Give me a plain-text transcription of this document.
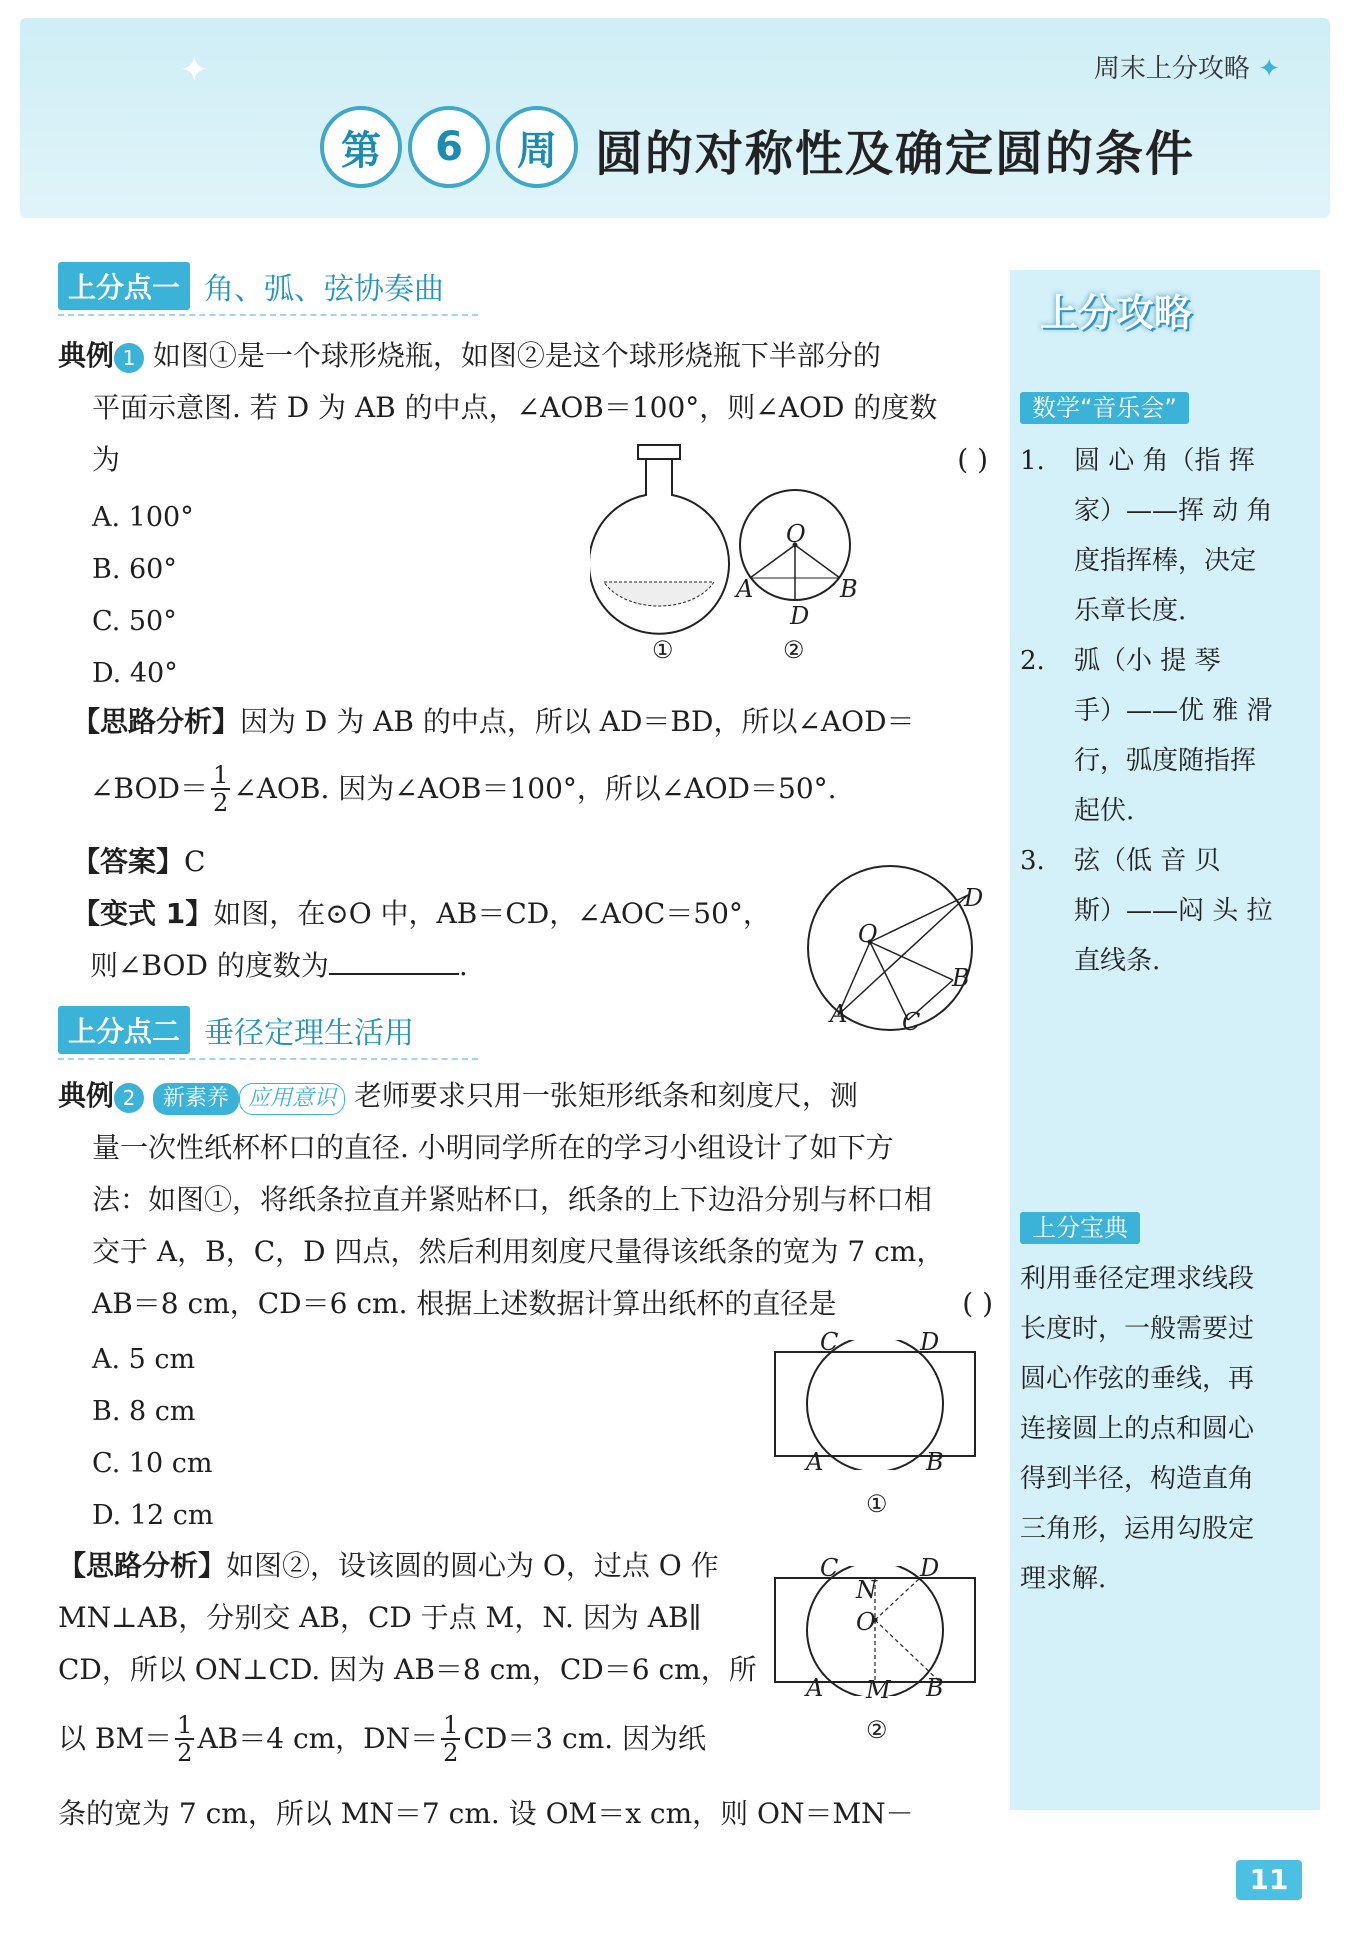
周末上分攻略 ✦
✦
第	6	周 圆的对称性及确定圆的条件
上分点一 角、弧、弦协奏曲
典例 1 如图①是一个球形烧瓶，如图②是这个球形烧瓶下半部分的
平面示意图. 若 D 为 AB 的中点，∠AOB＝100°，则∠AOD 的度数
为	( )
A. 100°
B. 60°
C. 50°
D. 40°
O
A	B
D
①	②
【思路分析】因为 D 为 AB 的中点，所以 AD＝BD，所以∠AOD＝
∠BOD＝ $\frac{1}{2}$ ∠AOB. 因为∠AOB＝100°，所以∠AOD＝50°.
【答案】C
【变式 1】如图，在⊙O 中，AB＝CD，∠AOC＝50°，
则∠BOD 的度数为	.
O
D
B
A C
上分点二 垂径定理生活用
典例 2 新素养 应用意识 老师要求只用一张矩形纸条和刻度尺，测
量一次性纸杯杯口的直径. 小明同学所在的学习小组设计了如下方
法：如图①，将纸条拉直并紧贴杯口，纸条的上下边沿分别与杯口相
交于 A，B，C，D 四点，然后利用刻度尺量得该纸条的宽为 7 cm，
AB＝8 cm，CD＝6 cm. 根据上述数据计算出纸杯的直径是	( )
A. 5 cm
B. 8 cm
C. 10 cm
D. 12 cm
C	D
A	B
①
【思路分析】如图②，设该圆的圆心为 O，过点 O 作
MN⊥AB，分别交 AB，CD 于点 M，N. 因为 AB∥
CD，所以 ON⊥CD. 因为 AB＝8 cm，CD＝6 cm，所
以 $BM= \frac{1}{2} AB=4$ cm，$DN= \frac{1}{2} CD=3$ cm. 因为纸
条的宽为 7 cm，所以 MN＝7 cm. 设 OM＝x cm，则 ON＝MN－
C	D
N
O
A M B
②
上分攻略
数学“音乐会”
1.	圆 心 角（指 挥
家）——挥 动 角
度指挥棒，决定
乐章长度.
2.	弧（小 提 琴
手）——优 雅 滑
行，弧度随指挥
起伏.
3.	弦（低 音 贝
斯）——闷 头 拉
直线条.
上分宝典
利用垂径定理求线段
长度时，一般需要过
圆心作弦的垂线，再
连接圆上的点和圆心
得到半径，构造直角
三角形，运用勾股定
理求解.
11
